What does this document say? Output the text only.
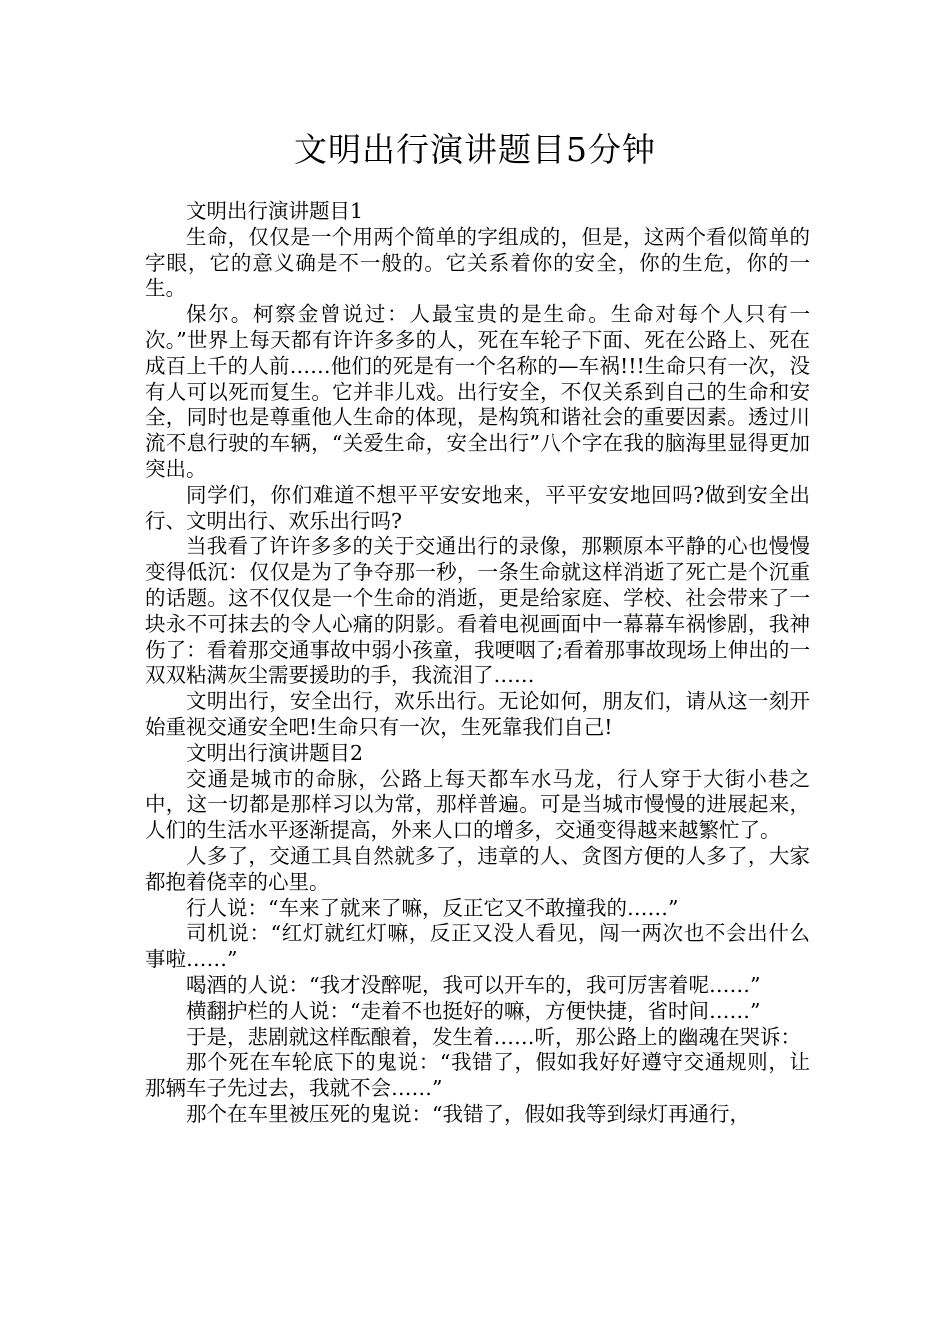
文明出行演讲题目5分钟

文明出行演讲题目1

生命，仅仅是一个用两个简单的字组成的，但是，这两个看似简单的字眼，它的意义确是不一般的。它关系着你的安全，你的生危，你的一生。

保尔。柯察金曾说过：人最宝贵的是生命。生命对每个人只有一次。”世界上每天都有许许多多的人，死在车轮子下面、死在公路上、死在成百上千的人前……他们的死是有一个名称的—车祸!!!生命只有一次，没有人可以死而复生。它并非儿戏。出行安全，不仅关系到自己的生命和安全，同时也是尊重他人生命的体现，是构筑和谐社会的重要因素。透过川流不息行驶的车辆，“关爱生命，安全出行”八个字在我的脑海里显得更加突出。

同学们，你们难道不想平平安安地来，平平安安地回吗?做到安全出行、文明出行、欢乐出行吗?

当我看了许许多多的关于交通出行的录像，那颗原本平静的心也慢慢变得低沉：仅仅是为了争夺那一秒，一条生命就这样消逝了死亡是个沉重的话题。这不仅仅是一个生命的消逝，更是给家庭、学校、社会带来了一块永不可抹去的令人心痛的阴影。看着电视画面中一幕幕车祸惨剧，我神伤了：看着那交通事故中弱小孩童，我哽咽了;看着那事故现场上伸出的一双双粘满灰尘需要援助的手，我流泪了……

文明出行，安全出行，欢乐出行。无论如何，朋友们，请从这一刻开始重视交通安全吧!生命只有一次，生死靠我们自己!

文明出行演讲题目2

交通是城市的命脉，公路上每天都车水马龙，行人穿于大街小巷之中，这一切都是那样习以为常，那样普遍。可是当城市慢慢的进展起来，人们的生活水平逐渐提高，外来人口的增多，交通变得越来越繁忙了。

人多了，交通工具自然就多了，违章的人、贪图方便的人多了，大家都抱着侥幸的心里。

行人说：“车来了就来了嘛，反正它又不敢撞我的……”

司机说：“红灯就红灯嘛，反正又没人看见，闯一两次也不会出什么事啦……”

喝酒的人说：“我才没醉呢，我可以开车的，我可厉害着呢……”

横翻护栏的人说：“走着不也挺好的嘛，方便快捷，省时间……”

于是，悲剧就这样酝酿着，发生着……听，那公路上的幽魂在哭诉：

那个死在车轮底下的鬼说：“我错了，假如我好好遵守交通规则，让那辆车子先过去，我就不会……”

那个在车里被压死的鬼说：“我错了，假如我等到绿灯再通行，
